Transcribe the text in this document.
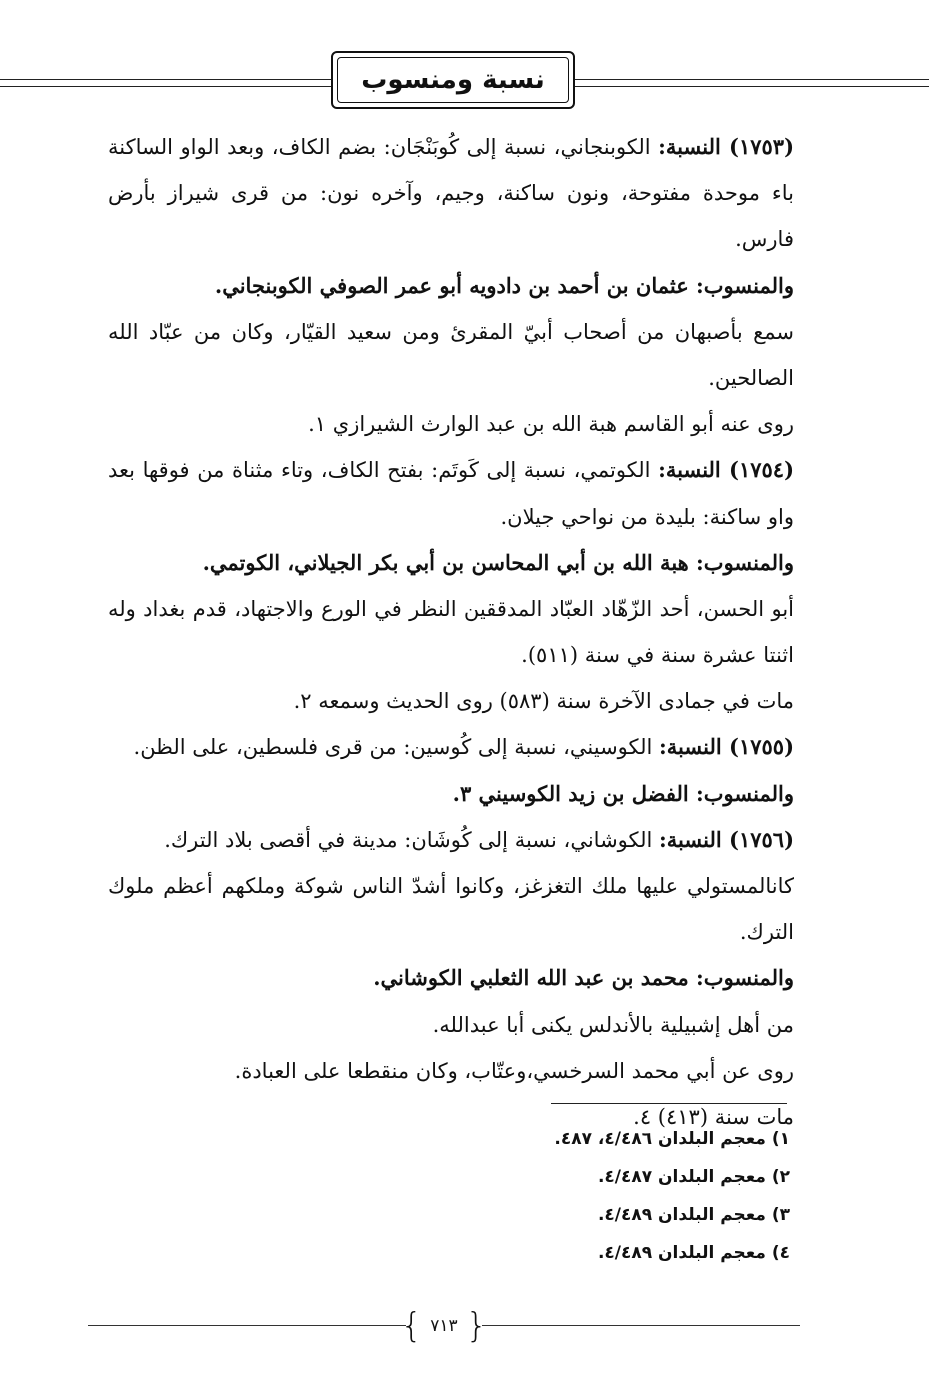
نسبة ومنسوب

(١٧٥٣) النسبة: الكوبنجاني، نسبة إلى كُوبَنْجَان: بضم الكاف، وبعد الواو الساكنة باء موحدة مفتوحة، ونون ساكنة، وجيم، وآخره نون: من قرى شيراز بأرض فارس.

والمنسوب: عثمان بن أحمد بن دادويه أبو عمر الصوفي الكوبنجاني.

سمع بأصبهان من أصحاب أبيّ المقرئ ومن سعيد القيّار، وكان من عبّاد الله الصالحين.

روى عنه أبو القاسم هبة الله بن عبد الوارث الشيرازي ١.

(١٧٥٤) النسبة: الكوتمي، نسبة إلى كَوتَم: بفتح الكاف، وتاء مثناة من فوقها بعد واو ساكنة: بليدة من نواحي جيلان.

والمنسوب: هبة الله بن أبي المحاسن بن أبي بكر الجيلاني، الكوتمي.

أبو الحسن، أحد الزّهّاد العبّاد المدققين النظر في الورع والاجتهاد، قدم بغداد وله اثنتا عشرة سنة في سنة (٥١١).

مات في جمادى الآخرة سنة (٥٨٣) روى الحديث وسمعه ٢.

(١٧٥٥) النسبة: الكوسيني، نسبة إلى كُوسين: من قرى فلسطين، على الظن.

والمنسوب: الفضل بن زيد الكوسيني ٣.

(١٧٥٦) النسبة: الكوشاني، نسبة إلى كُوشَان: مدينة في أقصى بلاد الترك.

كانالمستولي عليها ملك التغزغز، وكانوا أشدّ الناس شوكة وملكهم أعظم ملوك الترك.

والمنسوب: محمد بن عبد الله الثعلبي الكوشاني.

من أهل إشبيلية بالأندلس يكنى أبا عبدالله.

روى عن أبي محمد السرخسي،وعتّاب، وكان منقطعا على العبادة.

مات سنة (٤١٣) ٤.

١) معجم البلدان ٤/٤٨٦، ٤٨٧.

٢) معجم البلدان ٤/٤٨٧.

٣) معجم البلدان ٤/٤٨٩.

٤) معجم البلدان ٤/٤٨٩.

{
٧١٣
}
